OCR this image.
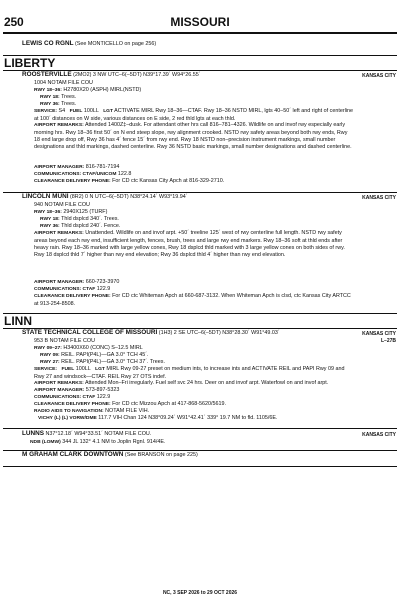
250	MISSOURI
LEWIS CO RGNL (See MONTICELLO on page 256)
LIBERTY
ROOSTERVILLE (2MO2) 3 NW UTC–6(–5DT) N39°17.39´ W94°26.55´	KANSAS CITY
1004 NOTAM FILE COU
RWY 18–36: H2780X20 (ASPH) MIRL(NSTD)
RWY 18: Trees.
RWY 36: Trees.
SERVICE: S4 FUEL 100LL LGT ACTIVATE MIRL Rwy 18–36—CTAF. Rwy 18–36 NSTD MIRL, lgts 40–50´ left and right of centerline at 100´ distances on W side, various distances on E side, 2 red thld lgts at each thld.
AIRPORT REMARKS: Attended 1400Z‡–dusk. For attendant other hrs call 816–781–4326. Wildlife on and invof rwy especially early morning hrs. Rwy 18–36 first 50´ on N end steep slope, rwy alignment crooked. NSTD rwy safety areas beyond both rwy ends, Rwy 18 end large drop off, Rwy 36 has 4´ fence 15´ from rwy end. Rwy 18 NSTD non–precision instrument markings, small number designations and thld markings, dashed centerline. Rwy 36 NSTD basic markings, small number designations and dashed centerline.
AIRPORT MANAGER: 816-781-7194
COMMUNICATIONS: CTAF/UNICOM 122.8
CLEARANCE DELIVERY PHONE: For CD ctc Kansas City Apch at 816-329-2710.
LINCOLN MUNI (8R2) 0 N UTC–6(–5DT) N38°24.14´ W93°19.94´	KANSAS CITY
940 NOTAM FILE COU
RWY 18–36: 2940X125 (TURF)
RWY 18: Thld dsplcd 340´. Trees.
RWY 36: Thld dsplcd 240´. Fence.
AIRPORT REMARKS: Unattended. Wildlife on and invof arpt. +50´ treeline 125´ west of rwy centerline full length. NSTD rwy safety areas beyond each rwy end, insufficient length, fences, brush, trees and large rwy end markers. Rwy 18–36 soft at thld ends after heavy rain. Rwy 18–36 marked with large yellow cones, Rwy 18 dsplcd thld marked with 3 large yellow cones on both sides of rwy. Rwy 18 dsplcd thld 7´ higher than rwy end elevation; Rwy 36 dsplcd thld 4´ higher than rwy end elevation.
AIRPORT MANAGER: 660-723-3970
COMMUNICATIONS: CTAF 122.9
CLEARANCE DELIVERY PHONE: For CD ctc Whiteman Apch at 660-687-3132. When Whiteman Apch is clsd, ctc Kansas City ARTCC at 913-254-8508.
LINN
STATE TECHNICAL COLLEGE OF MISSOURI (1H3) 2 SE UTC–6(–5DT) N38°28.30´ W91°49.03´	KANSAS CITY
L–27B
953 B NOTAM FILE COU
RWY 09–27: H3400X60 (CONC) S–12.5 MIRL
RWY 09: REIL. PAPI(P4L)—GA 3.0° TCH 45´.
RWY 27: REIL. PAPI(P4L)—GA 3.0° TCH 37´. Trees.
SERVICE: FUEL 100LL LGT MIRL Rwy 09-27 preset on medium ints, to increase ints and ACTIVATE REIL and PAPI Rwy 09 and Rwy 27 and windsock—CTAF. REIL Rwy 27 OTS indef.
AIRPORT REMARKS: Attended Mon–Fri irregularly. Fuel self svc 24 hrs. Deer on and invof arpt. Waterfowl on and invof arpt.
AIRPORT MANAGER: 573-897-5323
COMMUNICATIONS: CTAF 122.9
CLEARANCE DELIVERY PHONE: For CD ctc Mizzou Apch at 417-868-5620/5619.
RADIO AIDS TO NAVIGATION: NOTAM FILE VIH.
VICHY (L) (L) VORW/DME 117.7 VIH Chan 124 N38°09.24´ W91°42.41´ 339° 19.7 NM to fld. 1105/6E.
LUNNS N37°12.18´ W94°33.51´ NOTAM FILE COU.	KANSAS CITY
NDB (LOMW) 344 JL 132° 4.1 NM to Joplin Rgnl. 914/4E.
M GRAHAM CLARK DOWNTOWN (See BRANSON on page 225)
NC, 3 SEP 2026 to 29 OCT 2026
